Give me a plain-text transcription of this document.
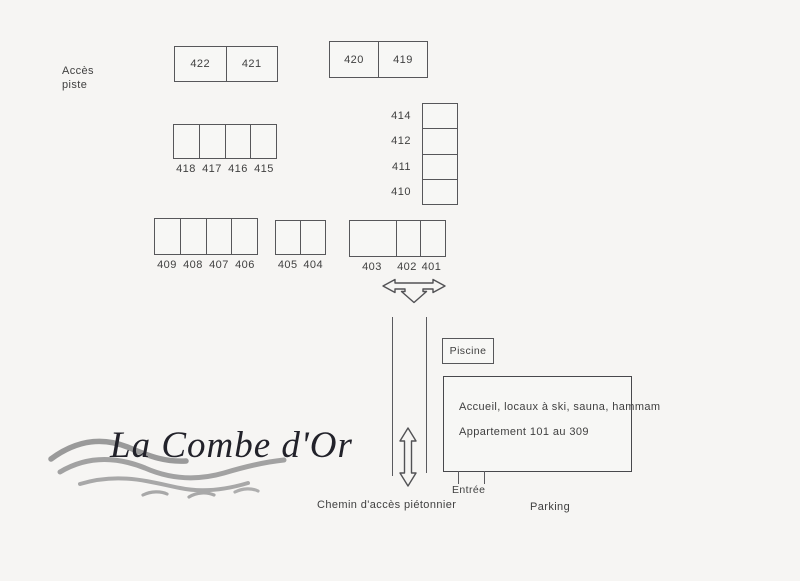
Accès
piste
422	421	420	419
418 417 416 415
414
412
411
410
409 408 407 406 405 404	403	402 401
Piscine
Accueil, locaux à ski, sauna, hammam
Appartement 101 au 309
Entrée
Parking
Chemin d'accès piétonnier
La Combe d'Or
